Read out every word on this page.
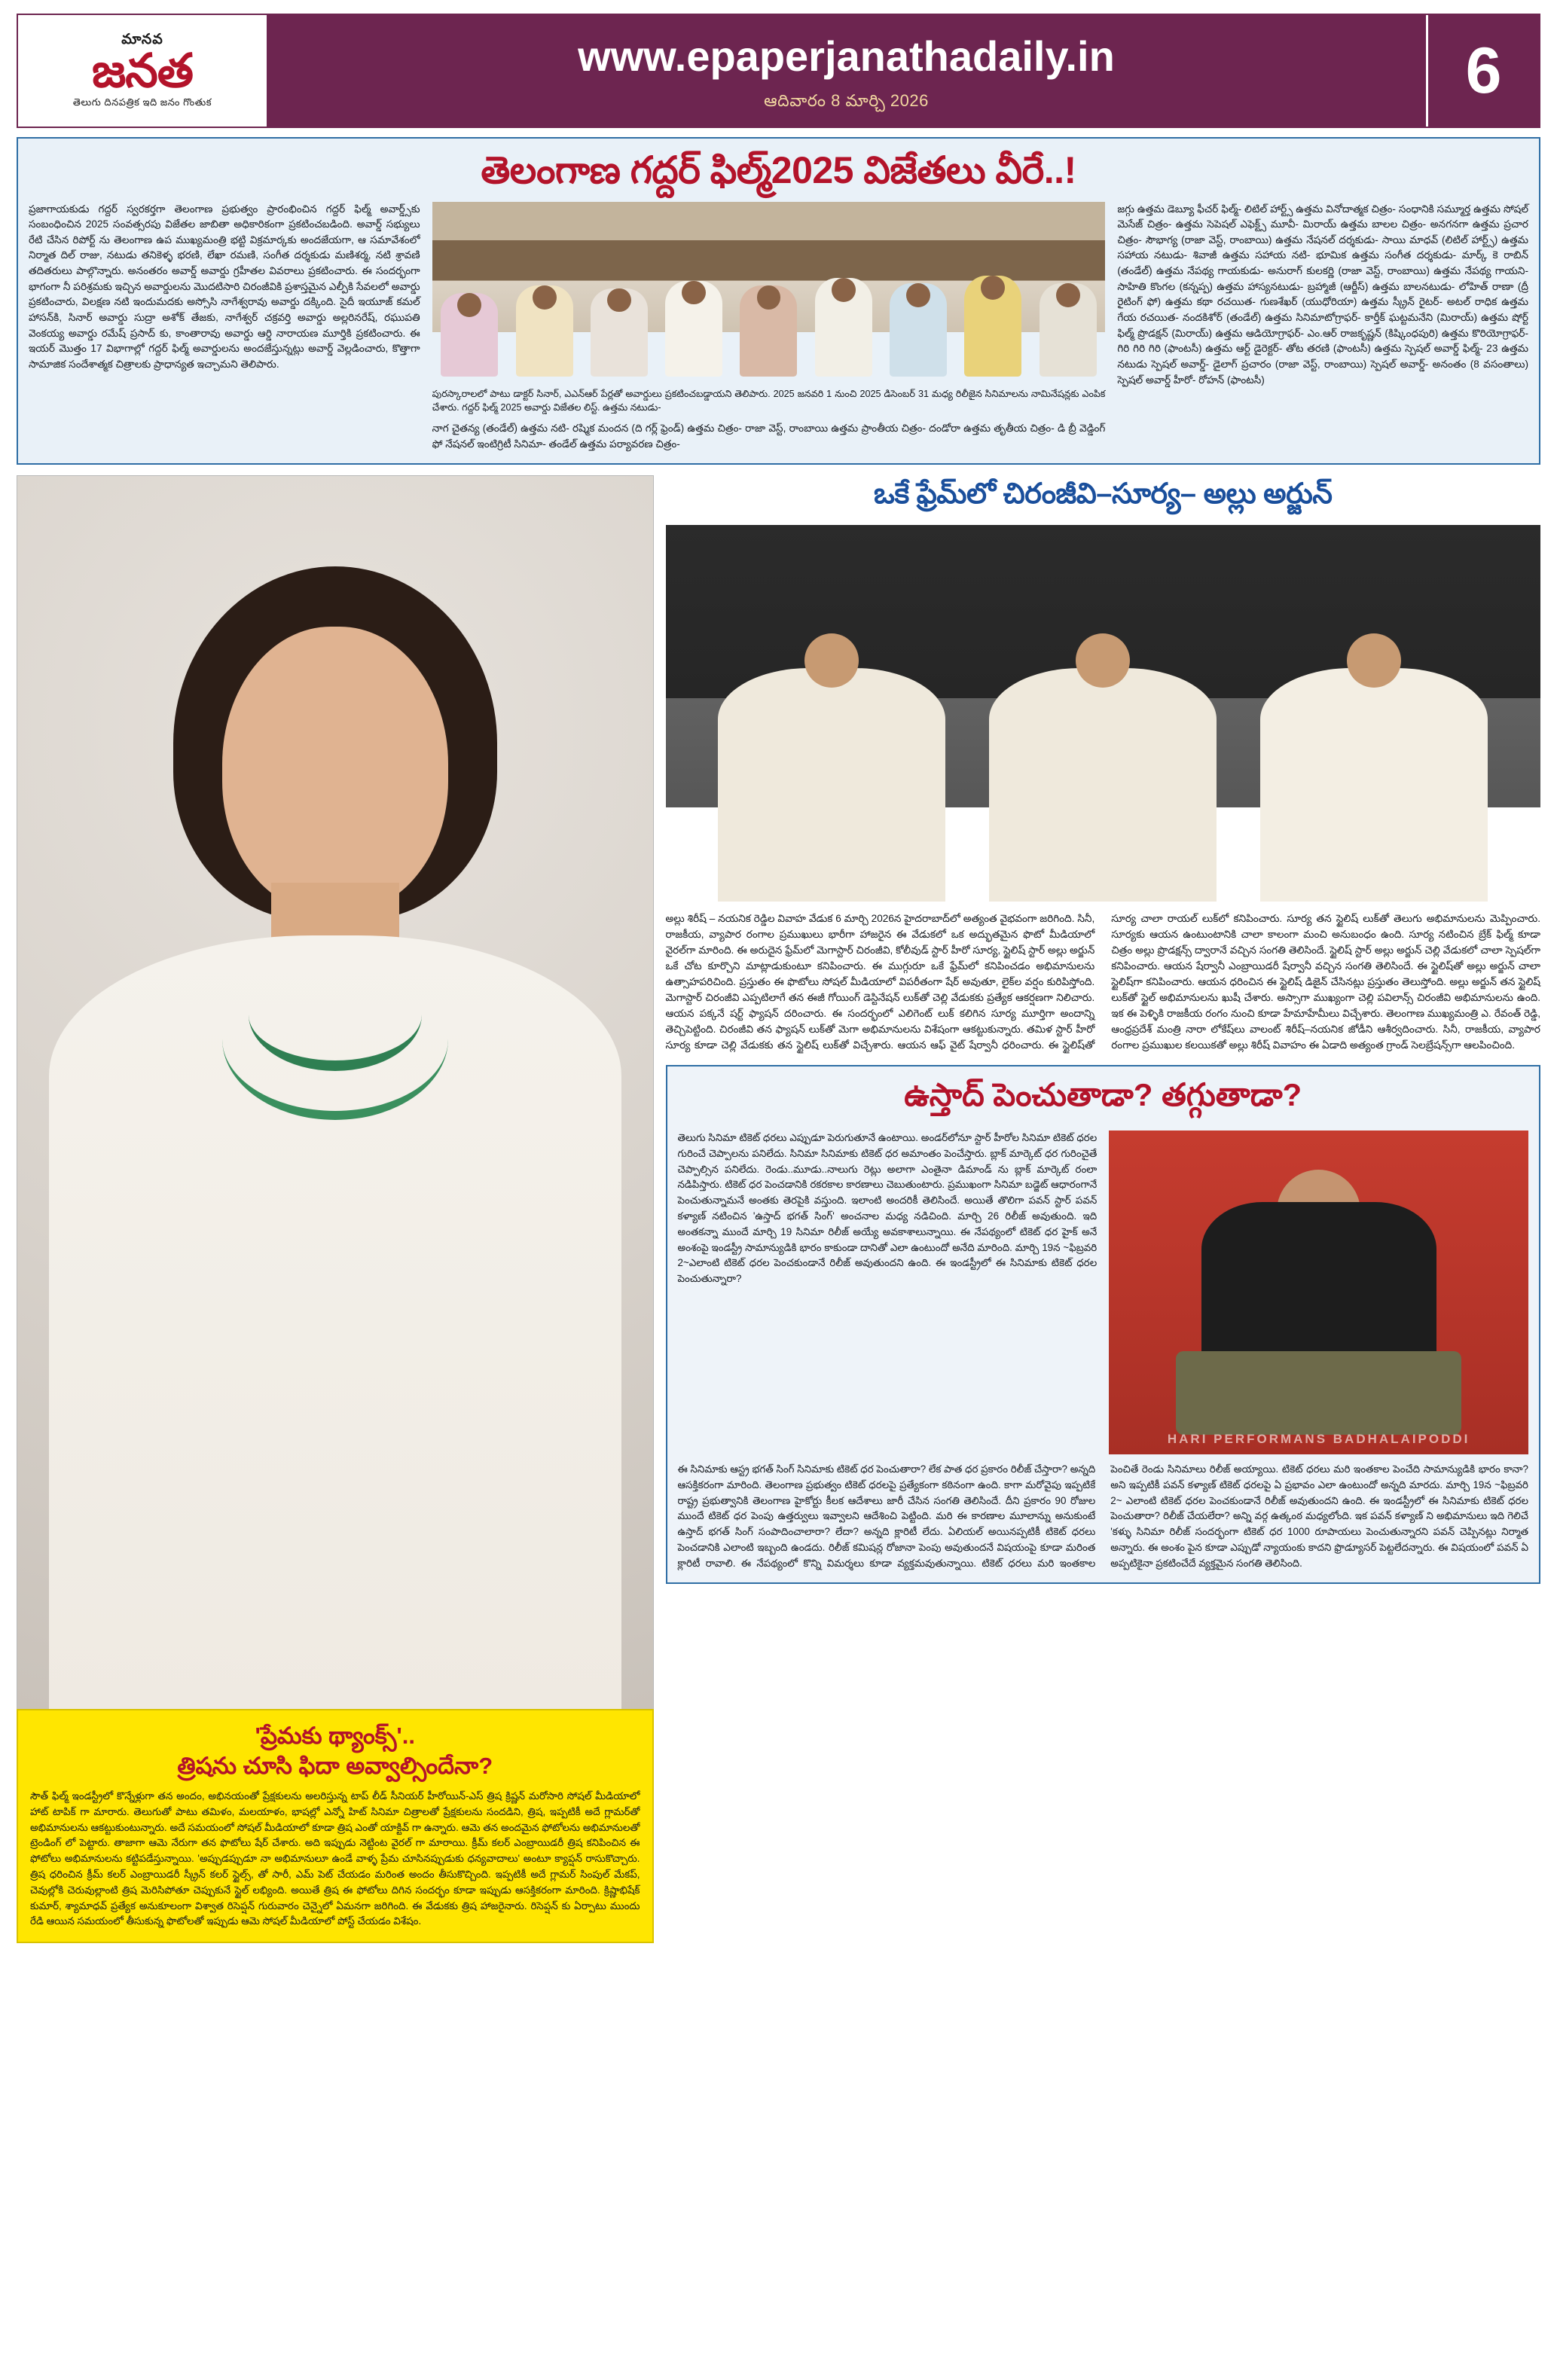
మానవ
జనత
తెలుగు దినపత్రిక ఇది జనం గొంతుక
www.epaperjanathadaily.in
ఆదివారం 8 మార్చి 2026	6
తెలంగాణ గద్దర్ ఫిల్మ్‌2025 విజేతలు వీరే..!
ప్రజాగాయకుడు గద్దర్ స్వరకర్తగా తెలంగాణ ప్రభుత్వం ప్రారంభించిన గద్దర్ ఫిల్మ్ అవార్డ్స్‌కు సంబంధించిన 2025 సంవత్సరపు విజేతల జాబితా అధికారికంగా ప్రకటించబడింది. అవార్డ్ సభ్యులు రేటి చేసిన రిపోర్ట్ ను తెలంగాణ ఉప ముఖ్యమంత్రి భట్టి విక్రమార్కకు అందజేయగా, ఆ సమావేశంలో నిర్మాత దిల్ రాజు, నటుడు తనికెళ్ళ భరణి, లేఖా రమణి, సంగీత దర్శకుడు మణిశర్మ, నటి శ్రావణి తదితరులు పాల్గొన్నారు. అనంతరం అవార్డ్ అవార్డు గ్రహీతల వివరాలు ప్రకటించారు. ఈ సందర్భంగా భాగంగా నీ పరిశ్రమకు ఇచ్చిన అవార్డులను మొదటిసారి చిరంజీవికి ప్రశాస్తమైన ఎల్పీకి సేవలలో అవార్డు ప్రకటించారు, విలక్షణ నటి ఇందుమదకు అస్సోసి నాగేశ్వరావు అవార్డు దక్కింది. సైదీ ఇయూజ్ కమల్ హాసన్‌కి, సినార్ అవార్డు సుద్రా అశోక్ తేజకు, నాగేశ్వర్ చక్రవర్తి అవార్డు అల్లరినరేష్, రఘుపతి వెంకయ్య అవార్డు రమేష్ ప్రసాద్ కు, కాంతారావు అవార్డు ఆర్డి నారాయణ మూర్తికి ప్రకటించారు. ఈ ఇయర్ మొత్తం 17 విభాగాల్లో గద్దర్ ఫిల్మ్ అవార్డులను అందజేస్తున్నట్లు అవార్డ్ వెల్లడించారు, కొత్తాగా సామాజిక సందేశాత్మక చిత్రాలకు ప్రాధాన్యత ఇచ్చామని తెలిపారు.
పురస్కారాలలో పాటు డాక్టర్ సినార్, ఎఎన్ఆర్ పేర్లతో అవార్డులు ప్రకటించబడ్డాయని తెలిపారు. 2025 జనవరి 1 నుంచి 2025 డిసెంబర్ 31 మధ్య రిలీజైన సినిమాలను నామినేషన్లకు ఎంపిక చేశారు. గద్దర్ ఫిల్మ్ 2025 అవార్డు విజేతల లిస్ట్. ఉత్తమ నటుడు-
నాగ చైతన్య (తండేల్) ఉత్తమ నటి- రష్మిక మందన (ది గర్ల్ ఫ్రెండ్) ఉత్తమ చిత్రం- రాజా వెస్ట్, రాంబాయి ఉత్తమ ప్రాంతీయ చిత్రం- దండోరా ఉత్తమ తృతీయ చిత్రం- డి బ్రీ వెడ్డింగ్ ఫో నేషనల్ ఇంటిగ్రిటీ సినిమా- తండేల్ ఉత్తమ పర్యావరణ చిత్రం-
జగ్గు ఉత్తమ డెబ్యూ ఫీచర్ ఫిల్మ్- లిటిల్ హార్ట్స్ ఉత్తమ వినోదాత్మక చిత్రం- సంధానికి సమ్మూర్త ఉత్తమ సోషల్ మెసేజ్ చిత్రం- ఉత్తమ సెపెషల్ ఎఫెక్ట్స్ మూవీ- మిరాయ్ ఉత్తమ బాలల చిత్రం- అనగనగా ఉత్తమ ప్రచార చిత్రం- సౌభాగ్య (రాజా వెస్ట్, రాంబాయి) ఉత్తమ నేషనల్ దర్శకుడు- సాయి మాధవ్ (లిటిల్ హార్ట్స్) ఉత్తమ సహాయ నటుడు- శివాజీ ఉత్తమ సహాయ నటి- భూమిక ఉత్తమ సంగీత దర్శకుడు- మార్క్ కె రాబిన్ (తండేల్) ఉత్తమ నేపథ్య గాయకుడు- అనురాగ్ కులకర్ణి (రాజా వెస్ట్, రాంబాయి) ఉత్తమ నేపథ్య గాయని- సాహితి కొంగల (కన్నప్ప) ఉత్తమ హాస్యనటుడు- బ్రహ్మాజీ (ఆర్జీస్) ఉత్తమ బాలనటుడు- లోహిత్ రాణా (ద్రీ రైటింగ్ ఫో) ఉత్తమ కథా రచయిత- గుణశేఖర్ (యుధోరియా) ఉత్తమ స్క్రీన్ రైటర్- అటల్ రాధిక ఉత్తమ గేయ రచయిత- నందకిశోర్ (తండేల్) ఉత్తమ సినిమాటోగ్రాఫర్- కార్తీక్ ఘట్టమనేని (మిరాయ్) ఉత్తమ షోర్ట్ ఫిల్మ్ ప్రొడక్షన్ (మిరాయ్) ఉత్తమ ఆడియోగ్రాఫర్- ఎం.ఆర్ రాజకృష్ణన్ (కిష్కింధపురి) ఉత్తమ కొరియోగ్రాఫర్- గిరి గిరి గిరి (ఫాంటసీ) ఉత్తమ ఆర్ట్ డైరెక్టర్- తోట తరణి (ఫాంటసీ) ఉత్తమ స్పెషల్ అవార్డ్ ఫిల్మ్- 23 ఉత్తమ నటుడు స్పెషల్ అవార్డ్- డైలాగ్ ప్రచారం (రాజా వెస్ట్, రాంబాయి) స్పెషల్ అవార్డ్- అనంతం (8 వసంతాలు) స్పెషల్ అవార్డ్ హీరో- రోహన్ (ఫాంటసీ)
'ప్రేమకు థ్యాంక్స్'..
త్రిషను చూసి ఫిదా అవ్వాల్సిందేనా?
సౌత్ ఫిల్మ్ ఇండస్ట్రీలో కొన్నేళ్లుగా తన అందం, అభినయంతో ప్రేక్షకులను అలరిస్తున్న టాప్ లీడ్ సీనియర్ హీరోయిన్-ఎస్ త్రిష క్రిష్ణన్ మరోసారి సోషల్ మీడియాలో హాట్ టాపిక్ గా మారారు. తెలుగుతో పాటు తమిళం, మలయాళం, భాషల్లో ఎన్నో హిట్ సినిమా చిత్రాలతో ప్రేక్షకులను సందడిని, త్రిష, ఇప్పటికీ అదే గ్లామర్‌తో అభిమానులను ఆకట్టుకుంటున్నారు. అదే సమయంలో సోషల్ మీడియాలో కూడా త్రిష ఎంతో యాక్టివ్ గా ఉన్నారు. ఆమె తన అందమైన ఫోటోలను అభిమానులతో ట్రెండింగ్ లో పెట్టారు. తాజాగా ఆమె నేరుగా తన ఫొటోలు షేర్ చేశారు. అది ఇప్పుడు నెట్టింట వైరల్ గా మారాయి. క్రీమ్ కలర్ ఎంబ్రాయిడరీ త్రిష కనిపించిన ఈ ఫోటోలు అభిమానులను కట్టిపడేస్తున్నాయి. 'అప్పుడప్పుడూ నా అభిమానులూ ఉండే వాళ్ళ ప్రేమ చూసినప్పుడుకు ధన్యవాదాలు' అంటూ క్యాప్షన్ రాసుకొచ్చారు. త్రిష ధరించిన క్రీమ్ కలర్ ఎంబ్రాయిడరీ స్క్రీన్ కలర్ స్టైల్స్, తో సారీ, ఎమ్ పెట్ చేయడం మరింత అందం తీసుకొచ్చింది. ఇప్పటికీ అదే గ్లామర్ సింపుల్ మేకప్, చెవుల్లోకి చెరువుల్లాంటి త్రిష మెరిసిపోతూ చెప్పుకునే స్టైల్ లభ్యింది. అయితే త్రిష ఈ ఫోటోలు దిగిన సందర్భం కూడా ఇప్పుడు ఆసక్తికరంగా మారింది. క్రిష్ణాభిషేక్ కుమార్, శ్యామాధవ్ ప్రత్యేక అనుకూలంగా విశ్వాత రిసెప్షన్ గురువారం చెన్నైలో ఏమనగా జరిగింది. ఈ వేడుకకు త్రిష హాజరైనారు. రిసెప్షన్ కు ఏర్పాటు ముందు రేడి ఆయిన సమయంలో తీసుకున్న ఫొటోలతో ఇప్పుడు ఆమె సోషల్ మీడియాలో పోస్ట్ చేయడం విశేషం.
ఒకే ఫ్రేమ్‌లో చిరంజీవి–సూర్య– అల్లు అర్జున్
అల్లు శిరీష్ – నయనిక రెడ్డిల వివాహ వేడుక 6 మార్చి 2026న హైదరాబాద్‌లో అత్యంత వైభవంగా జరిగింది. సినీ, రాజకీయ, వ్యాపార రంగాల ప్రముఖులు భారీగా హాజరైన ఈ వేడుకలో ఒక అద్భుతమైన ఫొటో మీడియాలో వైరల్‌గా మారింది. ఈ అరుదైన ఫ్రేమ్‌లో మెగాస్టార్ చిరంజీవి, కోలీవుడ్ స్టార్ హీరో సూర్య, స్టైలిష్ స్టార్ అల్లు అర్జున్ ఒకే చోట కూర్చొని మాట్లాడుకుంటూ కనిపించారు. ఈ ముగ్గురూ ఒకే ఫ్రేమ్‌లో కనిపించడం అభిమానులను ఉత్సాహపరిచింది. ప్రస్తుతం ఈ ఫొటోలు సోషల్ మీడియాలో విపరీతంగా షేర్ అవుతూ, లైక్‌ల వర్షం కురిపిస్తోంది. మెగాస్టార్ చిరంజీవి ఎప్పటిలాగే తన ఈజీ గోయింగ్ డెస్టినేషన్ లుక్‌తో చెల్లి వేడుకకు ప్రత్యేక ఆకర్షణగా నిలిచారు. ఆయన పక్కనే షర్ట్ ఫ్యాషన్ దరించారు. ఈ సందర్భంలో ఎలిగెంట్ లుక్ కలిగిన సూర్య మూర్తిగా అందాన్ని తెచ్చిపెట్టింది. చిరంజీవి తన ఫ్యాషన్ లుక్‌తో మెగా అభిమానులను విశేషంగా ఆకట్టుకున్నారు. తమిళ స్టార్ హీరో సూర్య కూడా చెల్లి వేడుకకు తన స్టైలిష్ లుక్‌తో విచ్చేశారు. ఆయన ఆఫ్ వైట్ షేర్వానీ ధరించారు. ఈ స్టైలిష్‌తో సూర్య చాలా రాయల్ లుక్‌లో కనిపించారు. సూర్య తన స్టైలిష్ లుక్‌తో తెలుగు అభిమానులను మెప్పించారు. సూర్యకు ఆయన ఉంటుంటానికి చాలా కాలంగా మంచి అనుబంధం ఉంది. సూర్య నటించిన బ్రేక్ ఫిల్మ్ కూడా చిత్రం అల్లు ప్రొడక్షన్స్ ద్వారానే వచ్చిన సంగతి తెలిసిందే. స్టైలిష్ స్టార్ అల్లు అర్జున్ చెల్లి వేడుకలో చాలా స్పెషల్‌గా కనిపించారు. ఆయన షేర్వానీ ఎంబ్రాయిడరీ షేర్వానీ వచ్చిన సంగతి తెలిసిందే. ఈ స్టైలిష్‌తో అల్లు అర్జున్ చాలా స్టైలిష్‌గా కనిపించారు. ఆయన ధరించిన ఈ స్టైలిష్ డిజైన్ చేసినట్లు ప్రస్తుతం తెలుస్తోంది. అల్లు అర్జున్ తన స్టైలిష్ లుక్‌తో స్టైల్ అభిమానులను ఖుషీ చేశారు. అస్సాగా ముఖ్యంగా చెల్లి పవిలాన్స్ చిరంజీవి అభిమానులను ఉంది. ఇక ఈ పెళ్ళికి రాజకీయ రంగం నుంచి కూడా హేమాహేమీలు విచ్చేశారు. తెలంగాణ ముఖ్యమంత్రి ఎ. రేవంత్ రెడ్డి, ఆంధ్రప్రదేశ్ మంత్రి నారా లోకేష్‌లు వాలంట్ శిరీష్–నయనిక జోడీని ఆశీర్వదించారు. సినీ, రాజకీయ, వ్యాపార రంగాల ప్రముఖుల కలయికతో అల్లు శిరీష్ వివాహం ఈ ఏడాది అత్యంత గ్రాండ్ సెలబ్రేషన్స్‌గా ఆలపించింది.
ఉస్తాద్ పెంచుతాడా? తగ్గుతాడా?
తెలుగు సినిమా టికెట్ ధరలు ఎప్పుడూ పెరుగుతూనే ఉంటాయి. అండర్‌లోనూ స్టార్ హీరోల సినిమా టికెట్ ధరల గురించే చెప్పాలను పనిలేదు. సినిమా సినిమాకు టికెట్ ధర అమాంతం పెంచేస్తారు. బ్లాక్ మార్కెట్ ధర గురించైతే చెప్పాల్సిన పనిలేదు. రెండు..మూడు..నాలుగు రెట్లు అలాగా ఎంతైనా డిమాండ్ ను బ్లాక్ మార్కెట్ రంలా నడిపిస్తారు. టికెట్ ధర పెంచడానికి రకరకాల కారణాలు చెబుతుంటారు. ప్రముఖంగా సినిమా బడ్జెట్ ఆధారంగానే పెంచుతున్నామనే అంతకు తెరపైకి వస్తుంది. ఇలాంటి అందరికీ తెలిసిందే. అయితే తొలిగా పవన్ స్టార్ పవన్ కళ్యాణ్ నటించిన 'ఉస్తాద్ భగత్ సింగ్' అంచనాల మధ్య నడిచింది. మార్చి 26 రిలీజ్ అవుతుంది. ఇది అంతకన్నా ముందే మార్చి 19 సినిమా రిలీజ్ అయ్యే అవకాశాలున్నాయి. ఈ నేపథ్యంలో టికెట్ ధర హైక్ అనే అంశంపై ఇండస్ట్రీ సామాన్యుడికి భారం కాకుండా దానితో ఎలా ఉంటుందో అనేది మారింది. మార్చి 19న ~ఫిబ్రవరి 2~ఎలాంటి టికెట్ ధరల పెంచకుండానే రిలీజ్ అవుతుందని ఉంది. ఈ ఇండస్ట్రీలో ఈ సినిమాకు టికెట్ ధరల పెంచుతున్నారా?
HARI PERFORMANS BADHALAIPODDI
ఈ సినిమాకు ఆస్ట్ర భగత్ సింగ్ సినిమాకు టికెట్ ధర పెంచుతారా? లేక పాత ధర ప్రకారం రిలీజ్ చేస్తారా? అన్నది ఆసక్తికరంగా మారింది. తెలంగాణ ప్రభుత్వం టికెట్ ధరలపై ప్రత్యేకంగా కఠినంగా ఉంది. కాగా మరోవైపు ఇప్పటికే రాష్ట్ర ప్రభుత్వానికి తెలంగాణ హైకోర్టు కీలక ఆదేశాలు జారీ చేసిన సంగతి తెలిసిందే. దీని ప్రకారం 90 రోజుల ముందే టికెట్ ధర పెంపు ఉత్తర్వులు ఇవ్వాలని ఆదేశించి పెట్టింది. మరి ఈ కారణాల మూలాన్ను అనుకుంటే ఉస్తాద్ భగత్ సింగ్ సంపాదించాలారా? లేదా? అన్నది క్లారిటీ లేదు. ఏలియల్ అయినప్పటికీ టికెట్ ధరలు పెంచడానికి ఎలాంటి ఇబ్బంది ఉండదు. రిలీజ్ కమిషన్ల రోజానా పెంపు అవుతుందనే విషయంపై కూడా మరింత క్లారిటీ రావాలి. ఈ నేపథ్యంలో కొన్ని విమర్శలు కూడా వ్యక్తమవుతున్నాయి. టికెట్ ధరలు మరి ఇంతకాల పెంచితే రెండు సినిమాలు రిలీజ్ అయ్యాయి. టికెట్ ధరలు మరి ఇంతకాల పెంచేది సామాన్యుడికి భారం కానా? అని ఇప్పటికీ పవన్ కళ్యాణ్ టికెట్ ధరలపై ఏ ప్రభావం ఎలా ఉంటుందో అన్నది మారదు. మార్చి 19న ~ఫిబ్రవరి 2~ ఎలాంటి టికెట్ ధరల పెంచకుండానే రిలీజ్ అవుతుందని ఉంది. ఈ ఇండస్ట్రీలో ఈ సినిమాకు టికెట్ ధరల పెంచుతారా? రిలీజ్ చేయలేరా? అన్ని వర్గ ఉత్కంఠ మధ్యలోంది. ఇక పవన్ కళ్యాణ్ ని అభిమానులు ఇది గెలిచే 'కళ్ళు సినిమా రిలీజ్ సందర్భంగా టికెట్ ధర 1000 రూపాయలు పెంచుతున్నారని పవన్ చెప్పినట్లు నిర్మాత అన్నారు. ఈ అంశం పైన కూడా ఎప్పుడో న్యాయంకు కాదని ఫ్రొడ్యూసర్ పెట్టలేదన్నారు. ఈ విషయంలో పవన్ ఏ అప్పటికైనా ప్రకటించేదే వ్యక్తమైన సంగతి తెలిసింది.
